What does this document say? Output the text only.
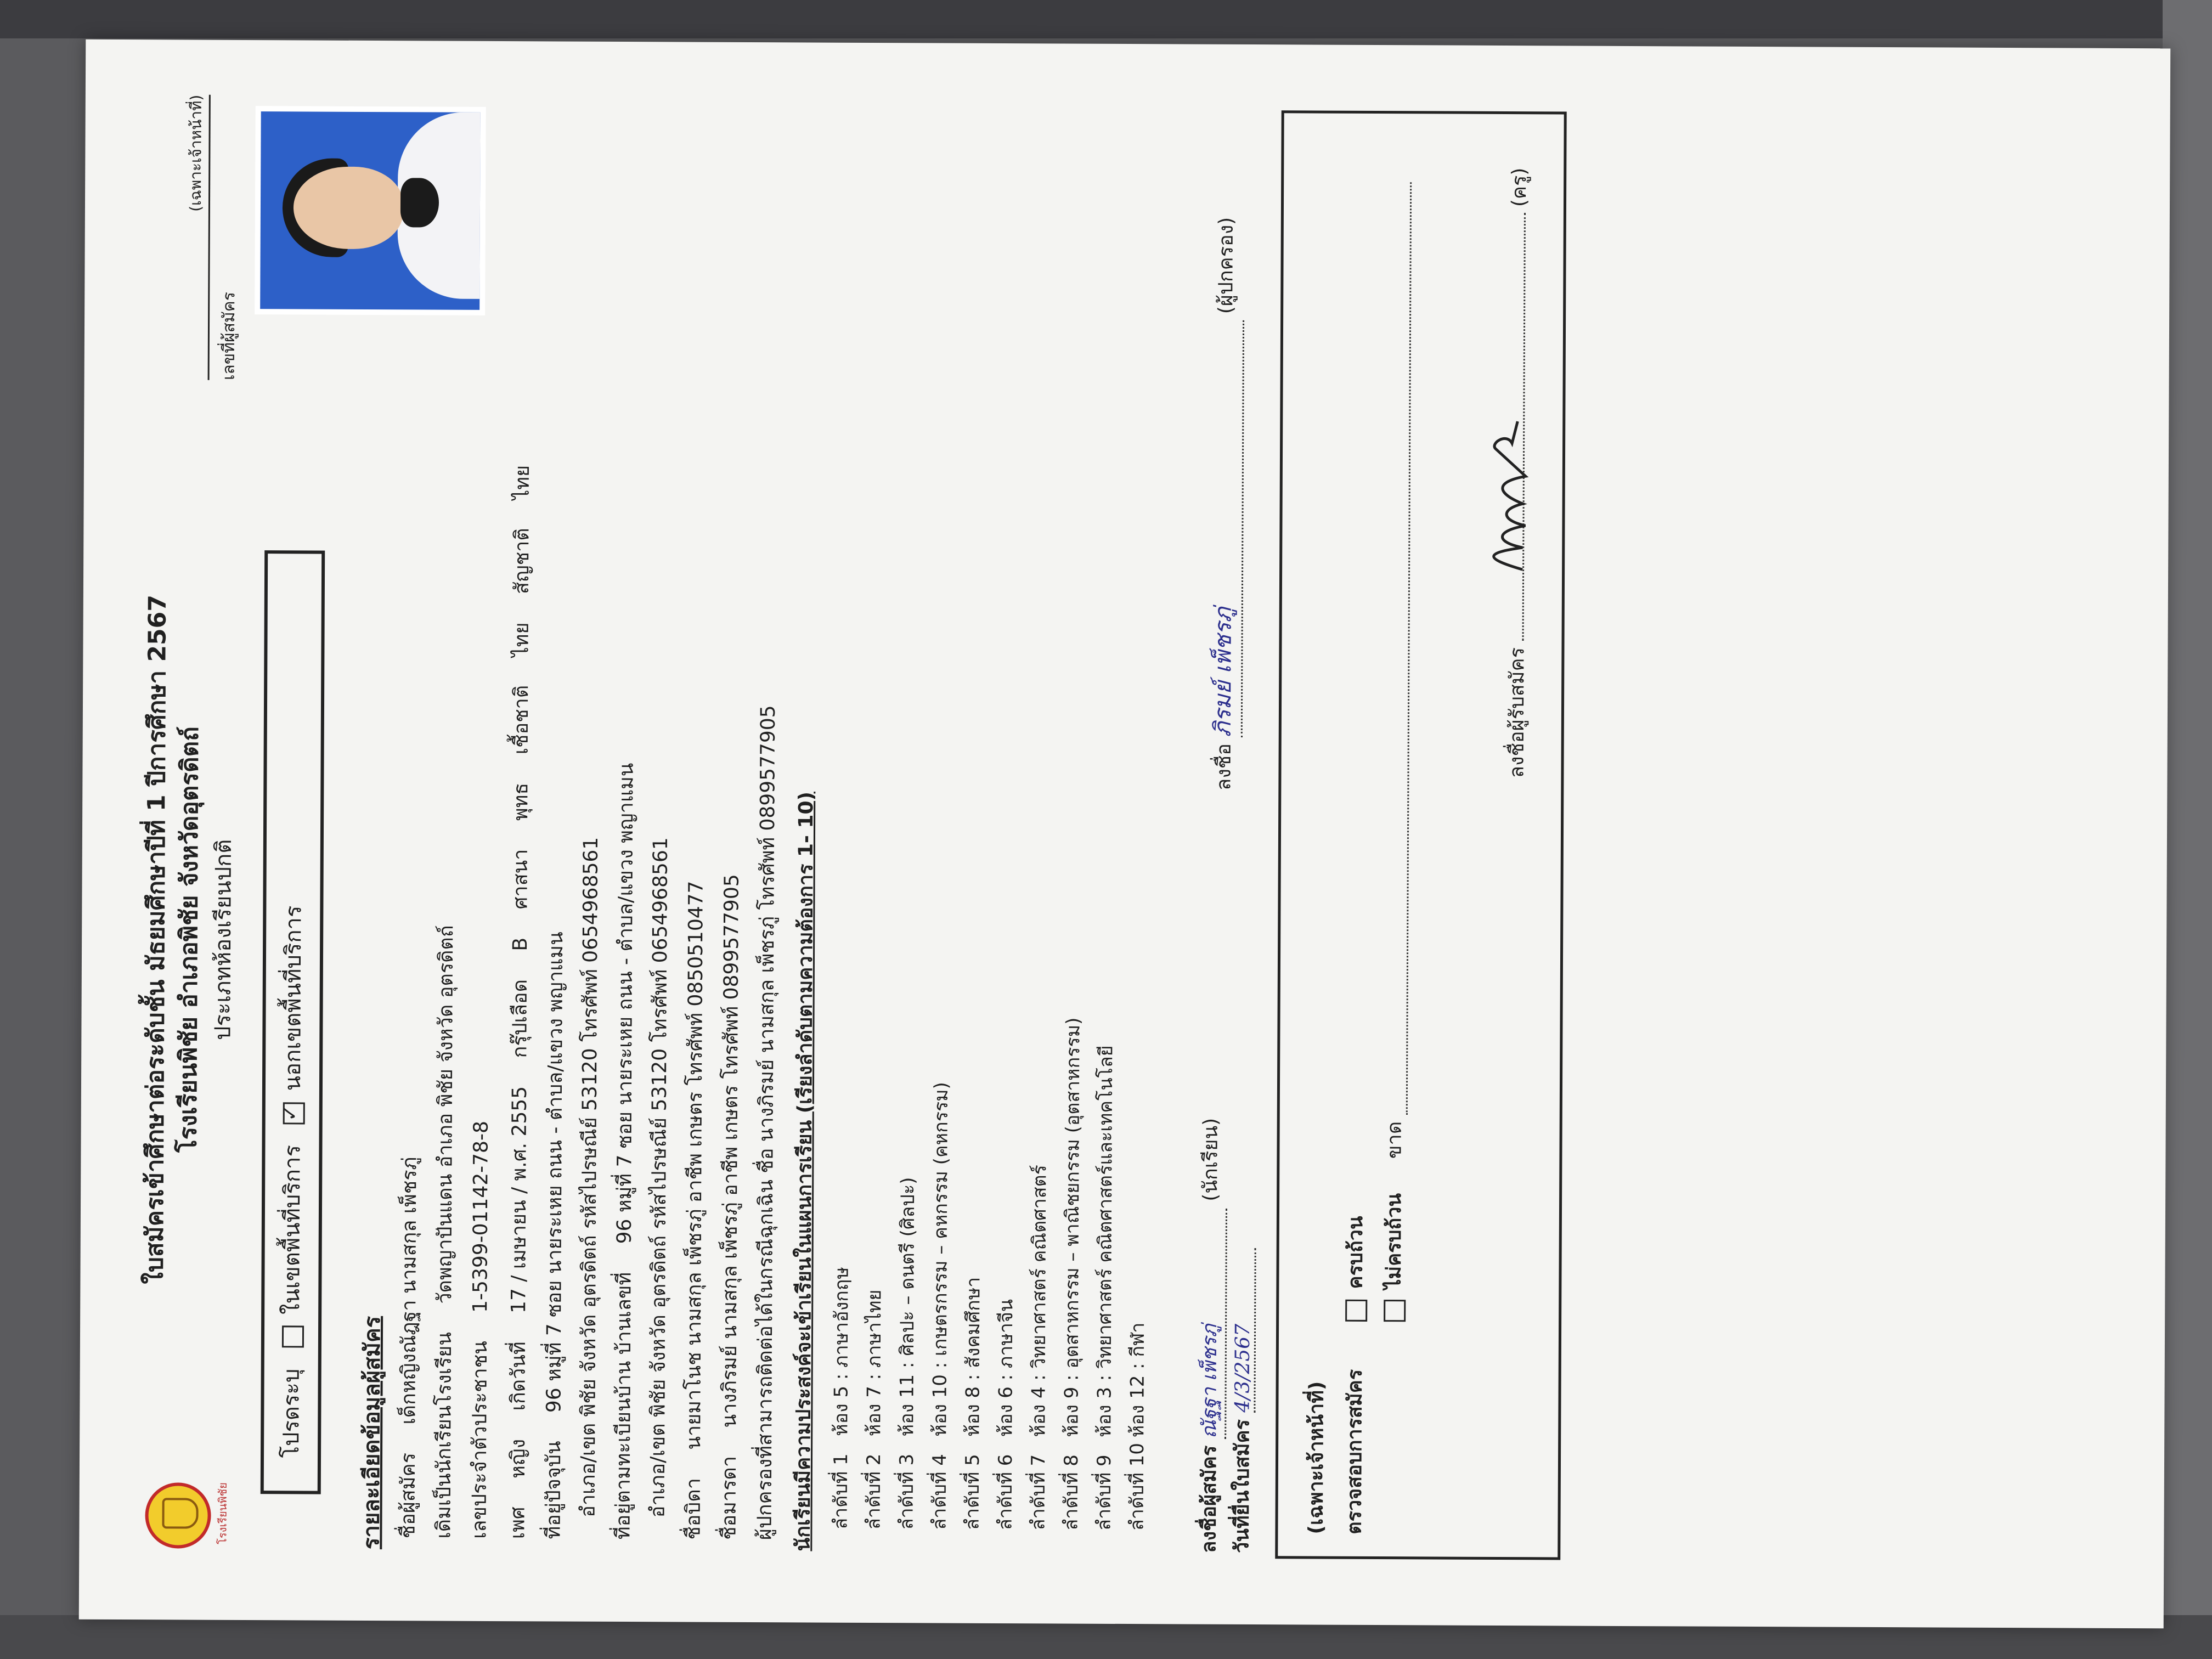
โรงเรียนพิชัย
ใบสมัครเข้าศึกษาต่อระดับชั้น มัธยมศึกษาปีที่ 1 ปีการศึกษา 2567 โรงเรียนพิชัย อำเภอพิชัย จังหวัดอุตรดิตถ์ ประเภทห้องเรียนปกติ
(เฉพาะเจ้าหน้าที่)
เลขที่ผู้สมัคร
โปรดระบุ
ในเขตพื้นที่บริการ
✓ นอกเขตพื้นที่บริการ
รายละเอียดข้อมูลผู้สมัคร ชื่อผู้สมัคร เด็กหญิงณัฎฐา นามสกุล เพ็ชรภู่
เดิมเป็นนักเรียนโรงเรียน วัดพญาปันแดน อำเภอ พิชัย จังหวัด อุตรดิตถ์
เลขประจำตัวประชาชน 1-5399-01142-78-8
เพศ หญิง เกิดวันที่ 17 / เมษายน / พ.ศ. 2555 กรุ๊ปเลือด B ศาสนา พุทธ เชื้อชาติ ไทย สัญชาติ ไทย
ที่อยู่ปัจจุบัน 96 หมู่ที่ 7 ซอย นายระเหย ถนน - ตำบล/แขวง พญาแมน อำเภอ/เขต พิชัย จังหวัด อุตรดิตถ์ รหัสไปรษณีย์ 53120 โทรศัพท์ 0654968561 ที่อยู่ตามทะเบียนบ้าน บ้านเลขที่ 96 หมู่ที่ 7 ซอย นายระเหย ถนน - ตำบล/แขวง พญาแมน อำเภอ/เขต พิชัย จังหวัด อุตรดิตถ์ รหัสไปรษณีย์ 53120 โทรศัพท์ 0654968561 ชื่อบิดา นายมาโนช นามสกุล เพ็ชรภู่ อาชีพ เกษตร โทรศัพท์ 0850510477
ชื่อมารดา นางภิรมย์ นามสกุล เพ็ชรภู่ อาชีพ เกษตร โทรศัพท์ 0899577905 ผู้ปกครองที่สามารถติดต่อได้ในกรณีฉุกเฉิน ชื่อ นางภิรมย์ นามสกุล เพ็ชรภู่ โทรศัพท์ 0899577905 นักเรียนมีความประสงค์จะเข้าเรียนในแผนการเรียน (เรียงลำดับตามความต้องการ 1- 10) ลำดับที่ 1ห้อง 5 : ภาษาอังกฤษ
ลำดับที่ 2ห้อง 7 : ภาษาไทย
ลำดับที่ 3ห้อง 11 : ศิลปะ – ดนตรี (ศิลปะ)
ลำดับที่ 4ห้อง 10 : เกษตรกรรม – คหกรรม (คหกรรม)
ลำดับที่ 5ห้อง 8 : สังคมศึกษา
ลำดับที่ 6ห้อง 6 : ภาษาจีน
ลำดับที่ 7ห้อง 4 : วิทยาศาสตร์ คณิตศาสตร์
ลำดับที่ 8ห้อง 9 : อุตสาหกรรม – พาณิชยกรรม (อุตสาหกรรม)
ลำดับที่ 9ห้อง 3 : วิทยาศาสตร์ คณิตศาสตร์และเทคโนโลยี
ลำดับที่ 10ห้อง 12 : กีฬา
ลงชื่อผู้สมัคร ณัฐฐา เพ็ชรภู่ (นักเรียน)
วันที่ยื่นใบสมัคร 4/3/2567
ลงชื่อ ภิรมย์ เพ็ชรภู่ (ผู้ปกครอง)
(เฉพาะเจ้าหน้าที่) ตรวจสอบการสมัคร
ครบถ้วน ไม่ครบถ้วน  ขาด
ลงชื่อผู้รับสมัคร
(ครู)
